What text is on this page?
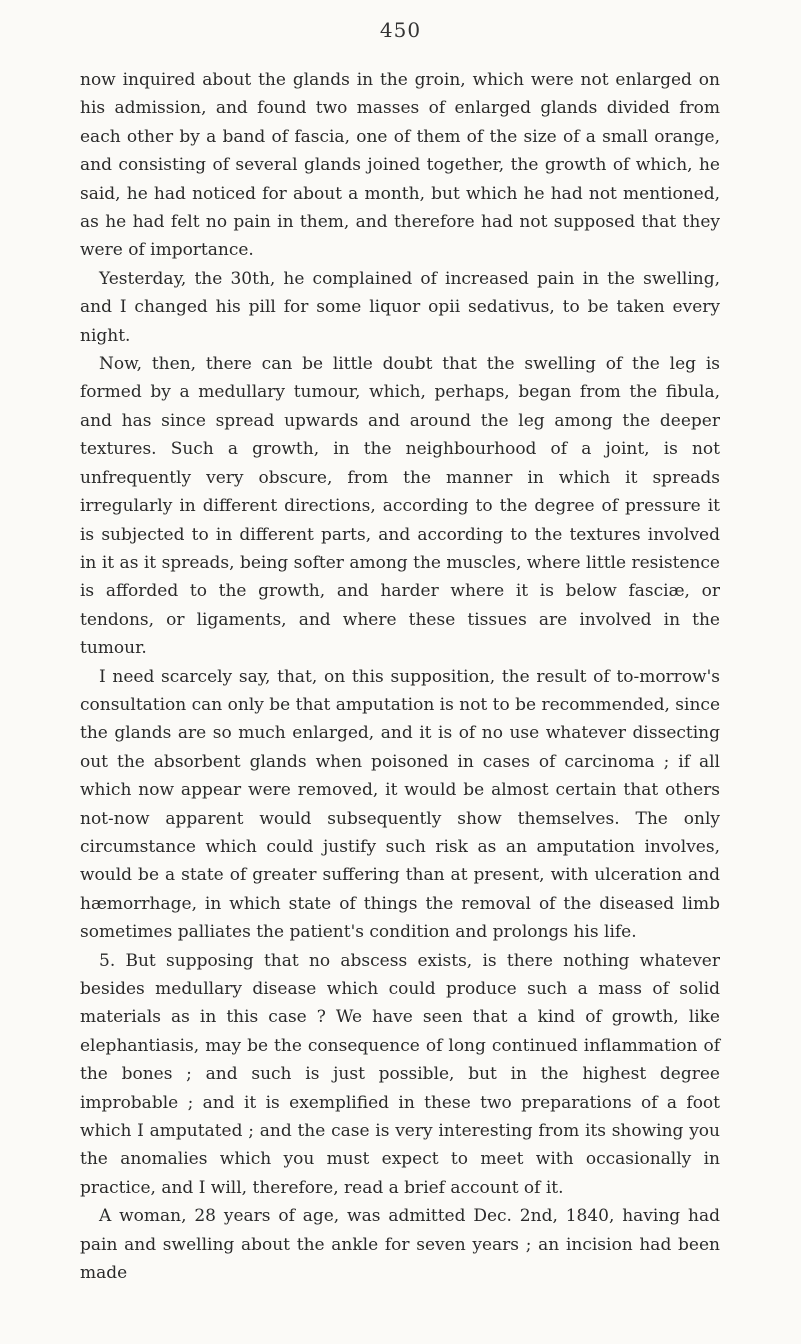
450

now inquired about the glands in the groin, which were not enlarged on his admission, and found two masses of enlarged glands divided from each other by a band of fascia, one of them of the size of a small orange, and consisting of several glands joined together, the growth of which, he said, he had noticed for about a month, but which he had not mentioned, as he had felt no pain in them, and therefore had not supposed that they were of importance.

Yesterday, the 30th, he complained of increased pain in the swelling, and I changed his pill for some liquor opii sedativus, to be taken every night.

Now, then, there can be little doubt that the swelling of the leg is formed by a medullary tumour, which, perhaps, began from the fibula, and has since spread upwards and around the leg among the deeper textures. Such a growth, in the neighbourhood of a joint, is not unfrequently very obscure, from the manner in which it spreads irregularly in different directions, according to the degree of pressure it is subjected to in different parts, and according to the textures involved in it as it spreads, being softer among the muscles, where little resistence is afforded to the growth, and harder where it is below fasciæ, or tendons, or ligaments, and where these tissues are involved in the tumour.

I need scarcely say, that, on this supposition, the result of to-morrow's consultation can only be that amputation is not to be recommended, since the glands are so much enlarged, and it is of no use whatever dissecting out the absorbent glands when poisoned in cases of carcinoma ; if all which now appear were removed, it would be almost certain that others not-now apparent would subsequently show themselves. The only circumstance which could justify such risk as an amputation involves, would be a state of greater suffering than at present, with ulceration and hæmorrhage, in which state of things the removal of the diseased limb sometimes palliates the patient's condition and prolongs his life.

5. But supposing that no abscess exists, is there nothing whatever besides medullary disease which could produce such a mass of solid materials as in this case ? We have seen that a kind of growth, like elephantiasis, may be the consequence of long continued inflammation of the bones ; and such is just possible, but in the highest degree improbable ; and it is exemplified in these two preparations of a foot which I amputated ; and the case is very interesting from its showing you the anomalies which you must expect to meet with occasionally in practice, and I will, therefore, read a brief account of it.

A woman, 28 years of age, was admitted Dec. 2nd, 1840, having had pain and swelling about the ankle for seven years ; an incision had been made
